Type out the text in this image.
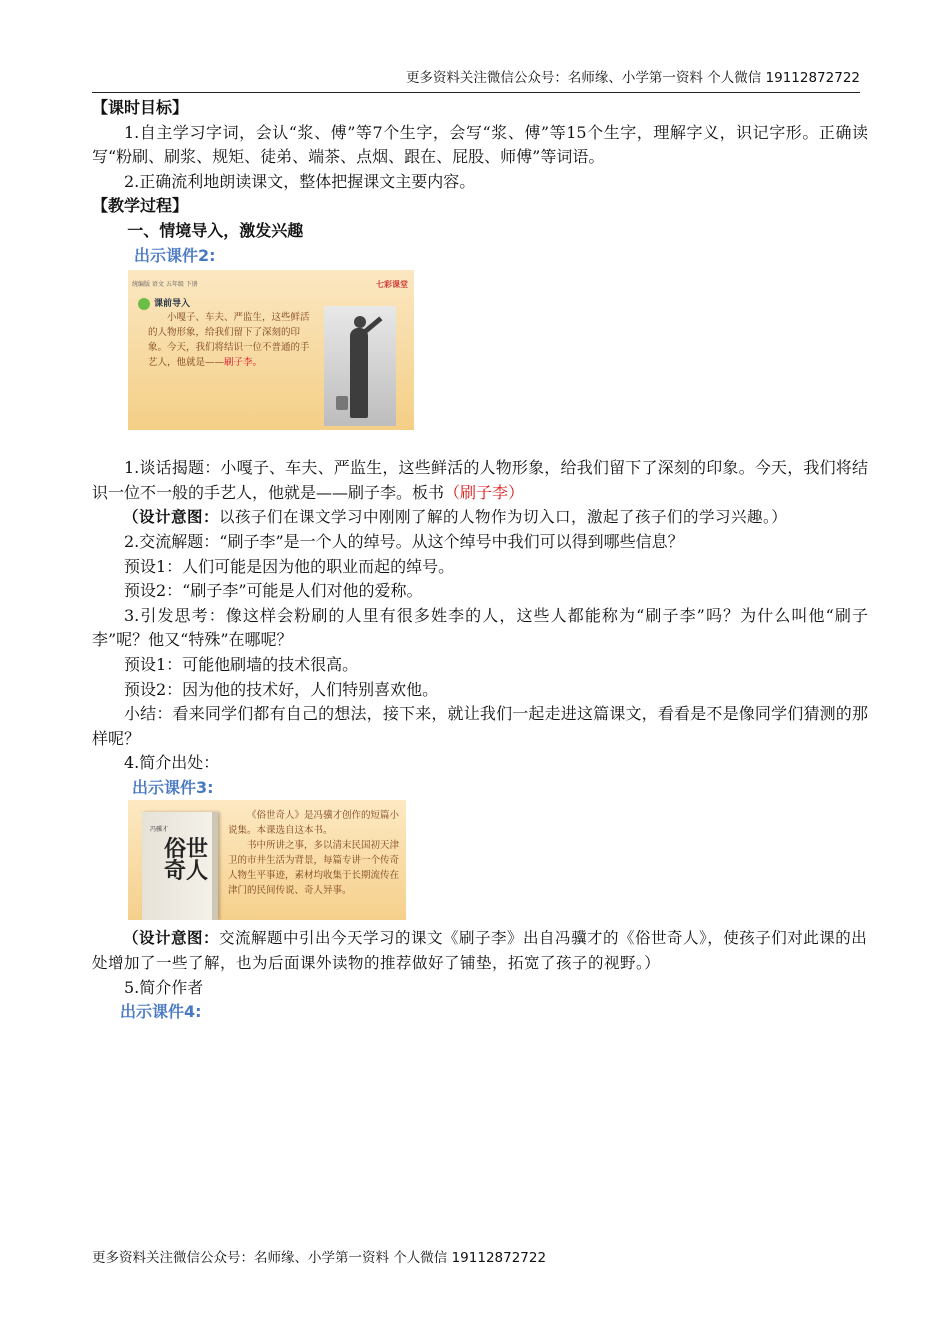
更多资料关注微信公众号：名师缘、小学第一资料 个人微信 19112872722

【课时目标】

1.自主学习字词，会认“浆、傅”等7个生字，会写“浆、傅”等15个生字，理解字义，识记字形。正确读写“粉刷、刷浆、规矩、徒弟、端茶、点烟、跟在、屁股、师傅”等词语。

2.正确流利地朗读课文，整体把握课文主要内容。

【教学过程】

一、情境导入，激发兴趣

出示课件2:

统编版 语文 五年级 下册	七彩课堂
课前导入
小嘎子、车夫、严监生，这些鲜活的人物形象，给我们留下了深刻的印象。今天，我们将结识一位不普通的手艺人，他就是——刷子李。

1.谈话揭题：小嘎子、车夫、严监生，这些鲜活的人物形象，给我们留下了深刻的印象。今天，我们将结识一位不一般的手艺人，他就是——刷子李。板书（刷子李）

（设计意图：以孩子们在课文学习中刚刚了解的人物作为切入口，激起了孩子们的学习兴趣。）

2.交流解题：“刷子李”是一个人的绰号。从这个绰号中我们可以得到哪些信息？

预设1：人们可能是因为他的职业而起的绰号。

预设2：“刷子李”可能是人们对他的爱称。

3.引发思考：像这样会粉刷的人里有很多姓李的人，这些人都能称为“刷子李”吗？为什么叫他“刷子李”呢？他又“特殊”在哪呢？

预设1：可能他刷墙的技术很高。

预设2：因为他的技术好，人们特别喜欢他。

小结：看来同学们都有自己的想法，接下来，就让我们一起走进这篇课文，看看是不是像同学们猜测的那样呢？

4.简介出处：

出示课件3:

冯骥才
俗世奇人

《俗世奇人》是冯骥才创作的短篇小说集。本课选自这本书。

书中所讲之事，多以清末民国初天津卫的市井生活为背景，每篇专讲一个传奇人物生平事迹，素材均收集于长期流传在津门的民间传说、奇人异事。

（设计意图：交流解题中引出今天学习的课文《刷子李》出自冯骥才的《俗世奇人》，使孩子们对此课的出处增加了一些了解，也为后面课外读物的推荐做好了铺垫，拓宽了孩子的视野。）

5.简介作者

出示课件4:

更多资料关注微信公众号：名师缘、小学第一资料 个人微信 19112872722
